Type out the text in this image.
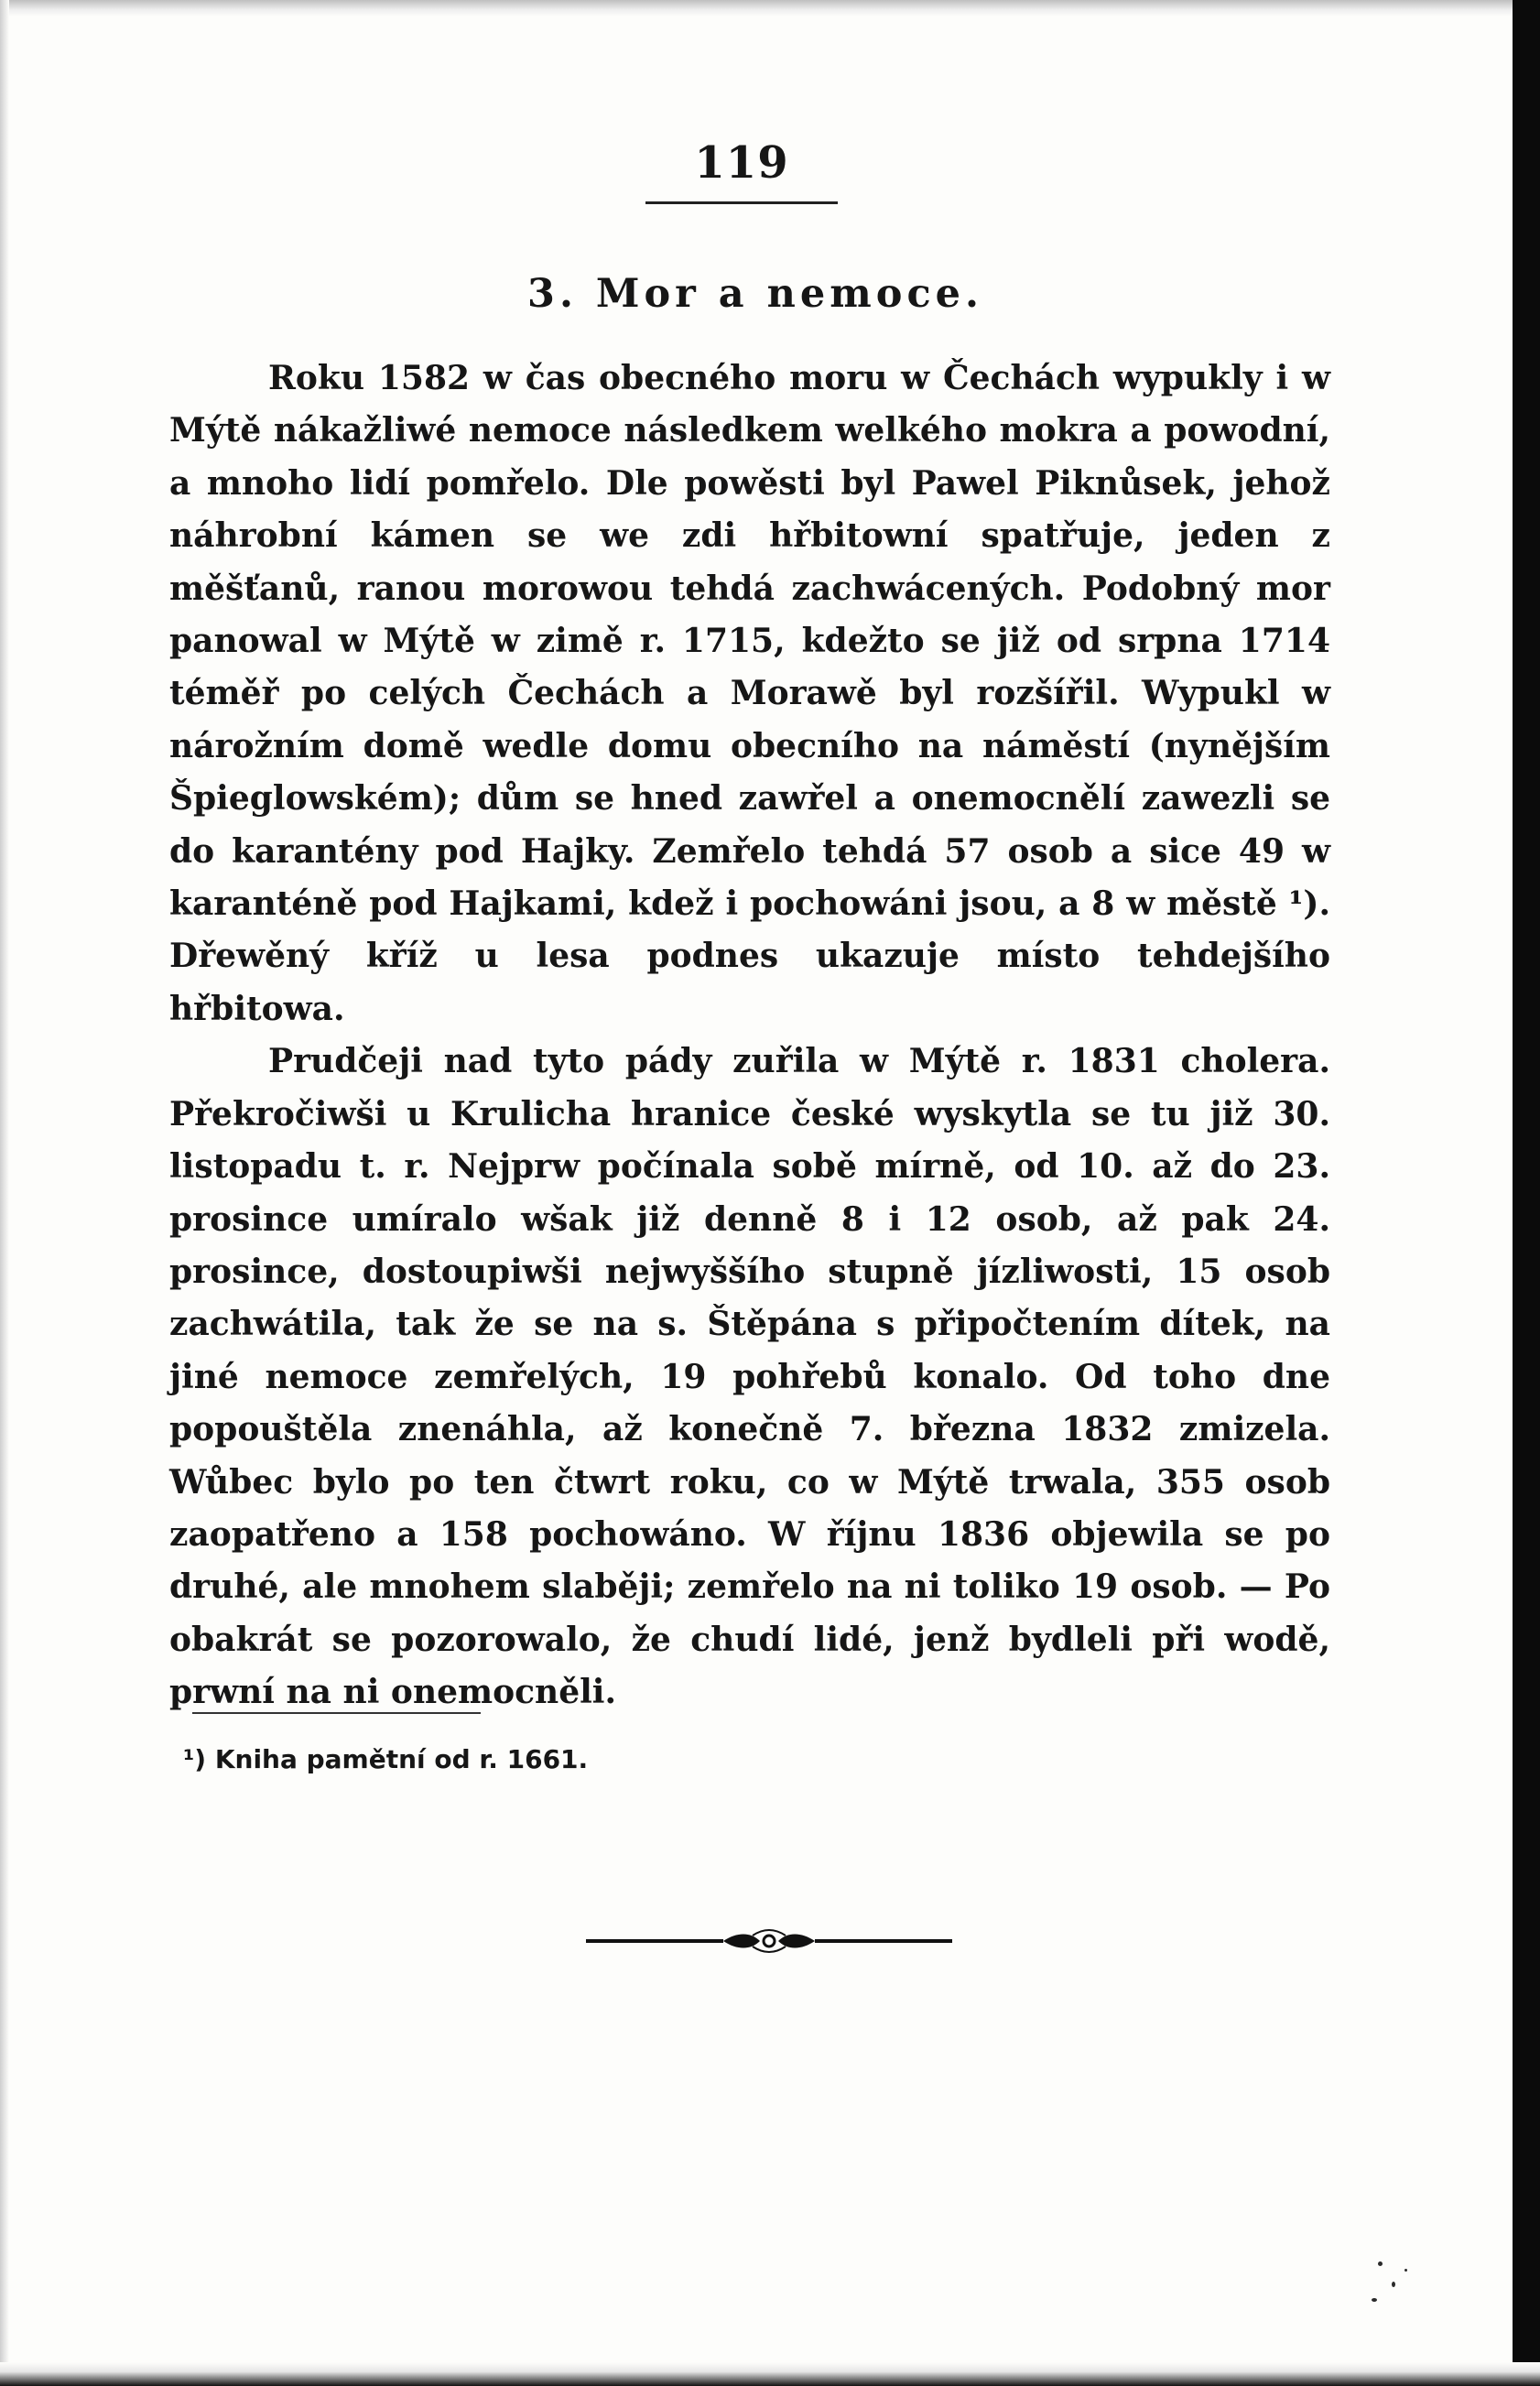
119
3. Mor a nemoce.

Roku 1582 w čas obecného moru w Čechách wypukly i w Mýtě nákažliwé nemoce následkem welkého mokra a powodní, a mnoho lidí pomřelo. Dle powěsti byl Pawel Piknůsek, jehož náhrobní kámen se we zdi hřbitowní spatřuje, jeden z měšťanů, ranou morowou tehdá zachwácených. Podobný mor panowal w Mýtě w zimě r. 1715, kdežto se již od srpna 1714 téměř po celých Čechách a Morawě byl rozšířil. Wypukl w nárožním domě wedle domu obecního na náměstí (nynějším Špieglowském); dům se hned zawřel a onemocnělí zawezli se do karantény pod Hajky. Zemřelo tehdá 57 osob a sice 49 w karanténě pod Hajkami, kdež i pochowáni jsou, a 8 w městě ¹). Dřewěný kříž u lesa podnes ukazuje místo tehdejšího hřbitowa.

Prudčeji nad tyto pády zuřila w Mýtě r. 1831 cholera. Překročiwši u Krulicha hranice české wyskytla se tu již 30. listopadu t. r. Nejprw počínala sobě mírně, od 10. až do 23. prosince umíralo wšak již denně 8 i 12 osob, až pak 24. prosince, dostoupiwši nejwyššího stupně jízliwosti, 15 osob zachwátila, tak že se na s. Štěpána s připočtením dítek, na jiné nemoce zemřelých, 19 pohřebů konalo. Od toho dne popouštěla znenáhla, až konečně 7. března 1832 zmizela. Wůbec bylo po ten čtwrt roku, co w Mýtě trwala, 355 osob zaopatřeno a 158 pochowáno. W říjnu 1836 objewila se po druhé, ale mnohem slaběji; zemřelo na ni toliko 19 osob. — Po obakrát se pozorowalo, že chudí lidé, jenž bydleli při wodě, prwní na ni onemocněli.

¹) Kniha pamětní od r. 1661.
